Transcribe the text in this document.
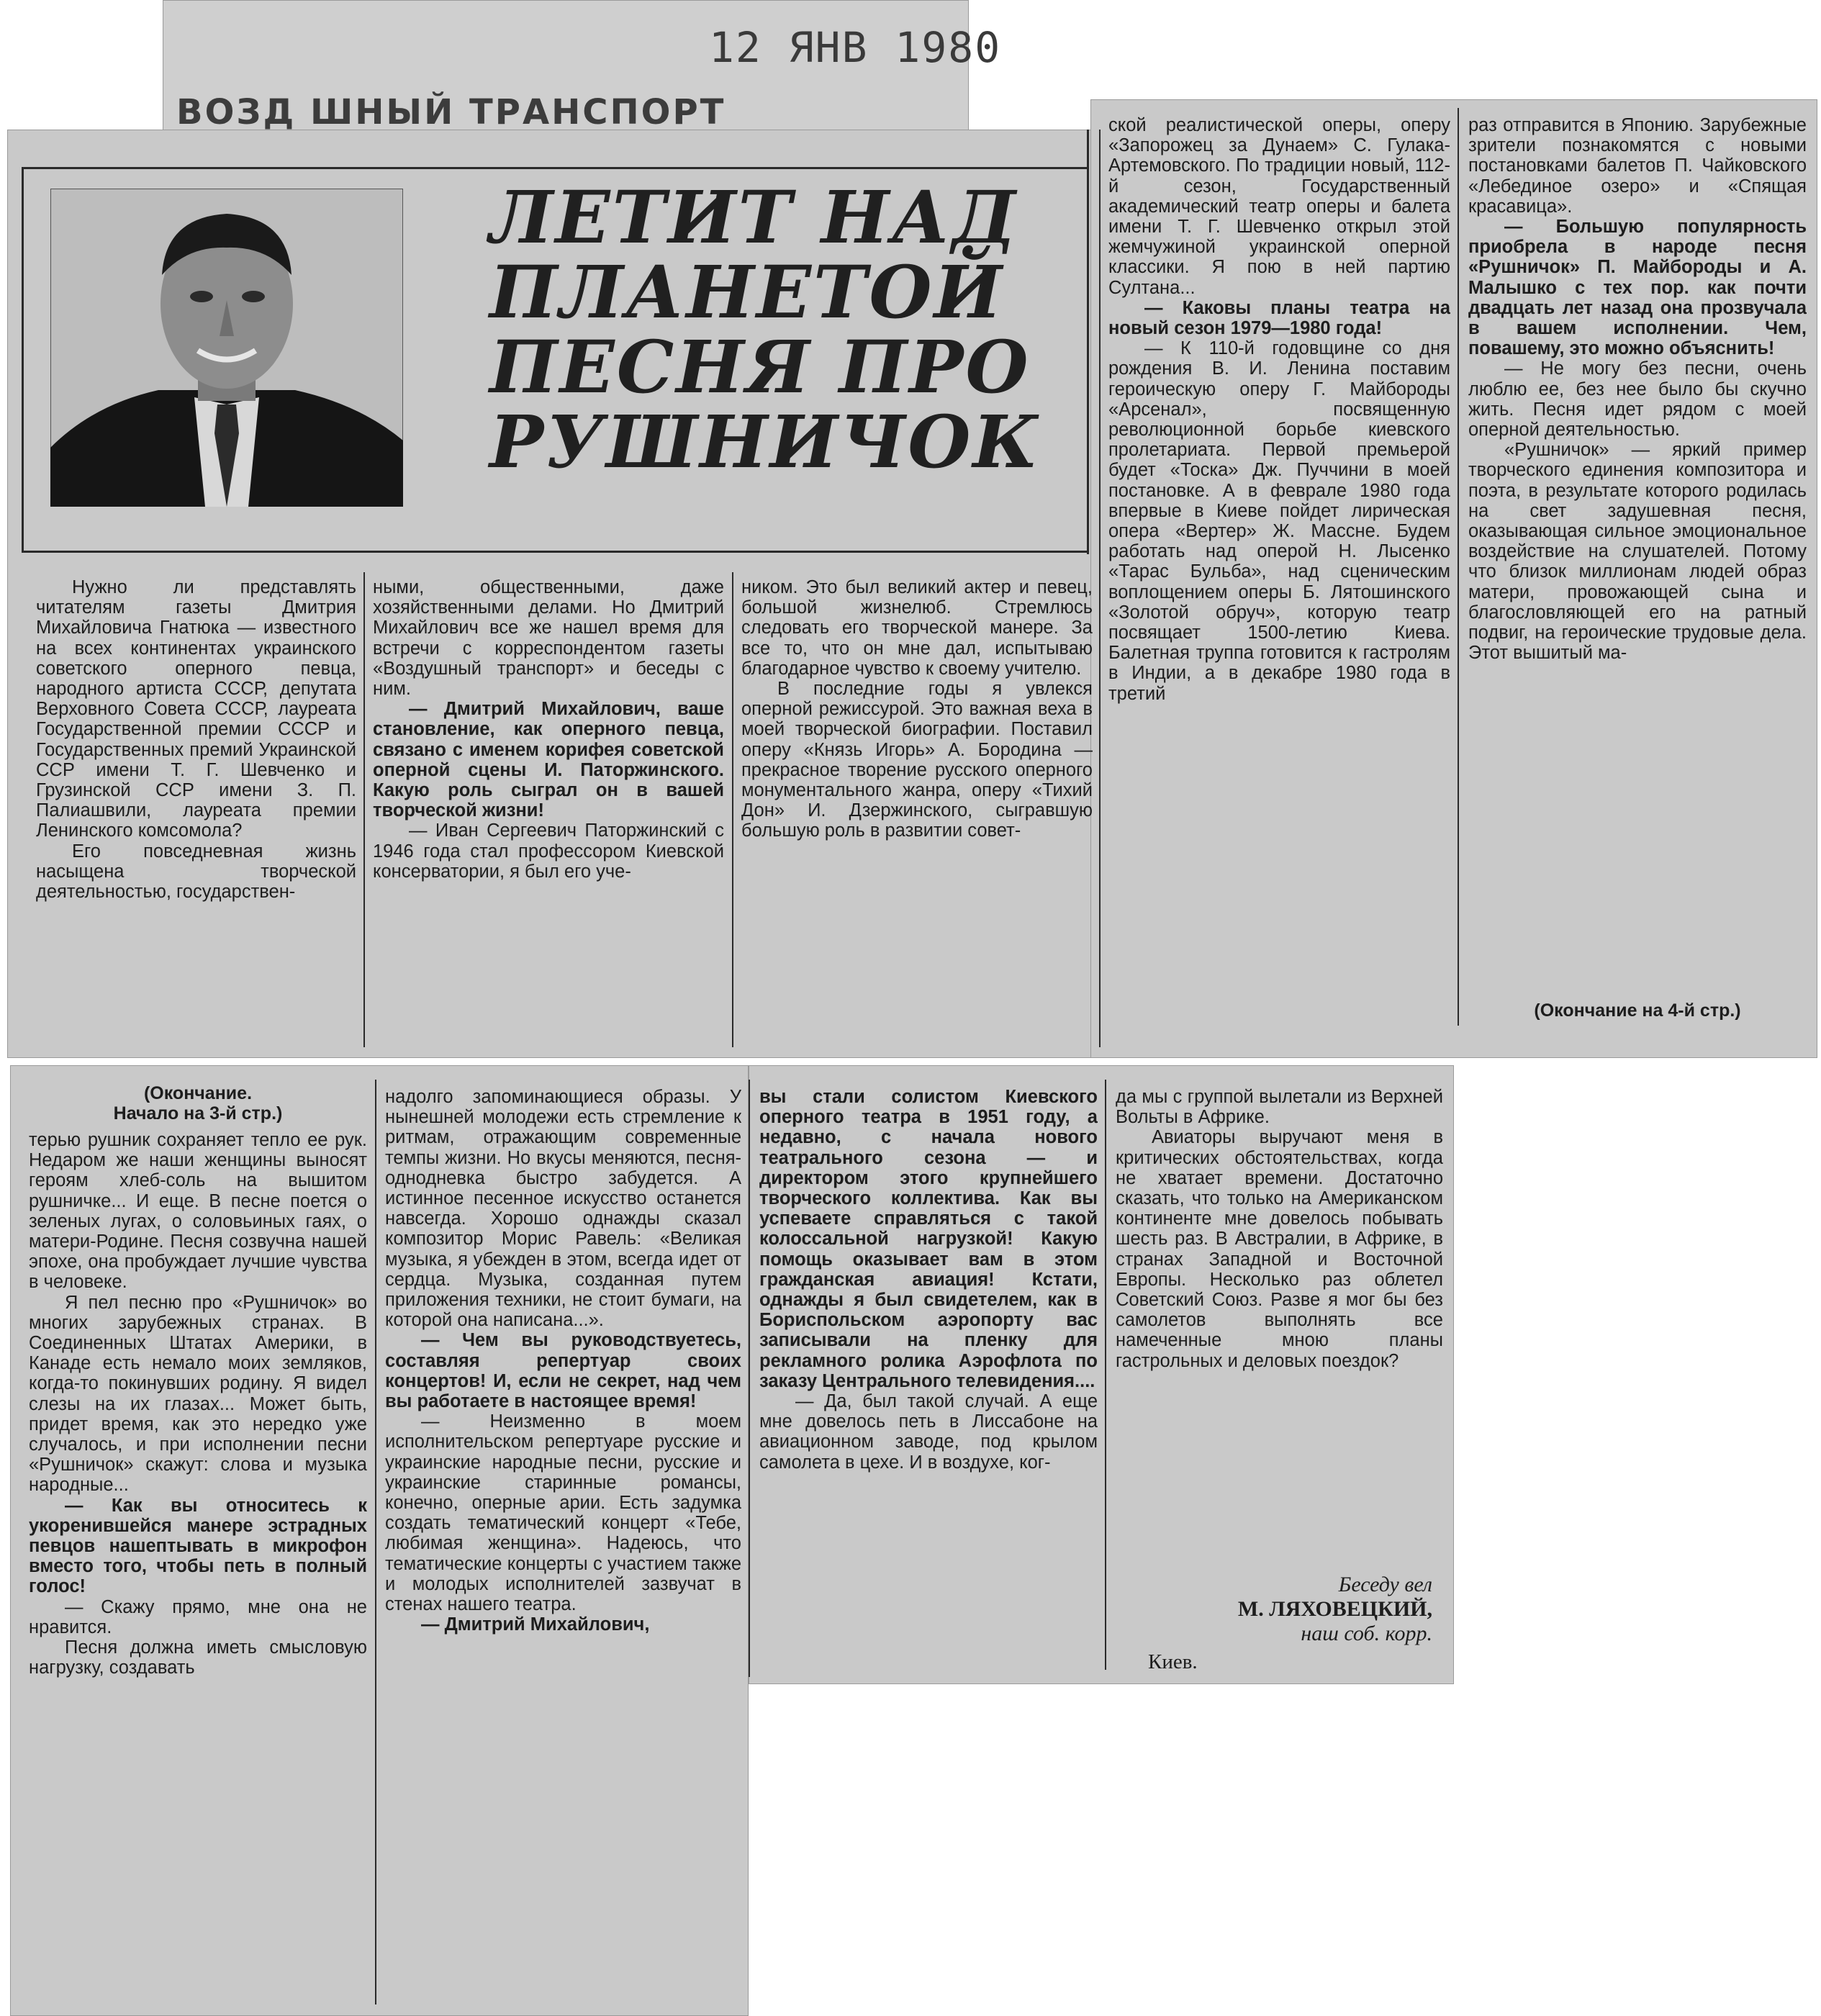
12 ЯНВ 1980
ВОЗД ШНЫЙ ТРАНСПОРТ
ЛЕТИТ НАД
ПЛАНЕТОЙ
ПЕСНЯ ПРО
РУШНИЧОК

Нужно ли представлять читателям газеты Дмитрия Михайловича Гнатюка — известного на всех континентах украинского советского оперного певца, народного артиста СССР, депутата Верховного Совета СССР, лауреата Государственной премии СССР и Государственных премий Украинской ССР имени Т. Г. Шевченко и Грузинской ССР имени З. П. Палиашвили, лауреата премии Ленинского комсомола?

Его повседневная жизнь насыщена творческой деятельностью, государствен-

ными, общественными, даже хозяйственными делами. Но Дмитрий Михайлович все же нашел время для встречи с корреспондентом газеты «Воздушный транспорт» и беседы с ним.

— Дмитрий Михайлович, ваше становление, как оперного певца, связано с именем корифея советской оперной сцены И. Паторжинского. Какую роль сыграл он в вашей творческой жизни!

— Иван Сергеевич Паторжинский с 1946 года стал профессором Киевской консерватории, я был его уче-

ником. Это был великий актер и певец, большой жизнелюб. Стремлюсь следовать его творческой манере. За все то, что он мне дал, испытываю благодарное чувство к своему учителю.

В последние годы я увлекся оперной режиссурой. Это важная веха в моей творческой биографии. Поставил оперу «Князь Игорь» А. Бородина — прекрасное творение русского оперного монументального жанра, оперу «Тихий Дон» И. Дзержинского, сыгравшую большую роль в развитии совет-

ской реалистической оперы, оперу «Запорожец за Дунаем» С. Гулака-Артемовского. По традиции новый, 112-й сезон, Государственный академический театр оперы и балета имени Т. Г. Шевченко открыл этой жемчужиной украинской оперной классики. Я пою в ней партию Султана...

— Каковы планы театра на новый сезон 1979—1980 года!

— К 110-й годовщине со дня рождения В. И. Ленина поставим героическую оперу Г. Майбороды «Арсенал», посвященную революционной борьбе киевского пролетариата. Первой премьерой будет «Тоска» Дж. Пуччини в моей постановке. А в феврале 1980 года впервые в Киеве пойдет лирическая опера «Вертер» Ж. Массне. Будем работать над оперой Н. Лысенко «Тарас Бульба», над сценическим воплощением оперы Б. Лятошинского «Золотой обруч», которую театр посвящает 1500-летию Киева. Балетная труппа готовится к гастролям в Индии, а в декабре 1980 года в третий

раз отправится в Японию. Зарубежные зрители познакомятся с новыми постановками балетов П. Чайковского «Лебединое озеро» и «Спящая красавица».

— Большую популярность приобрела в народе песня «Рушничок» П. Майбороды и А. Малышко с тех пор. как почти двадцать лет назад она прозвучала в вашем исполнении. Чем, повашему, это можно объяснить!

— Не могу без песни, очень люблю ее, без нее было бы скучно жить. Песня идет рядом с моей оперной деятельностью.

«Рушничок» — яркий пример творческого единения композитора и поэта, в результате которого родилась на свет задушевная песня, оказывающая сильное эмоциональное воздействие на слушателей. Потому что близок миллионам людей образ матери, провожающей сына и благословляющей его на ратный подвиг, на героические трудовые дела. Этот вышитый ма-

(Окончание на 4-й стр.)
(Окончание.
Начало на 3-й стр.)

терью рушник сохраняет тепло ее рук. Недаром же наши женщины выносят героям хлеб-соль на вышитом рушничке... И еще. В песне поется о зеленых лугах, о соловьиных гаях, о матери-Родине. Песня созвучна нашей эпохе, она пробуждает лучшие чувства в человеке.

Я пел песню про «Рушничок» во многих зарубежных странах. В Соединенных Штатах Америки, в Канаде есть немало моих земляков, когда-то покинувших родину. Я видел слезы на их глазах... Может быть, придет время, как это нередко уже случалось, и при исполнении песни «Рушничок» скажут: слова и музыка народные...

— Как вы относитесь к укоренившейся манере эстрадных певцов нашептывать в микрофон вместо того, чтобы петь в полный голос!

— Скажу прямо, мне она не нравится.

Песня должна иметь смысловую нагрузку, создавать

надолго запоминающиеся образы. У нынешней молодежи есть стремление к ритмам, отражающим современные темпы жизни. Но вкусы меняются, песня-однодневка быстро забудется. А истинное песенное искусство останется навсегда. Хорошо однажды сказал композитор Морис Равель: «Великая музыка, я убежден в этом, всегда идет от сердца. Музыка, созданная путем приложения техники, не стоит бумаги, на которой она написана...».

— Чем вы руководствуетесь, составляя репертуар своих концертов! И, если не секрет, над чем вы работаете в настоящее время!

— Неизменно в моем исполнительском репертуаре русские и украинские народные песни, русские и украинские старинные романсы, конечно, оперные арии. Есть задумка создать тематический концерт «Тебе, любимая женщина». Надеюсь, что тематические концерты с участием также и молодых исполнителей зазвучат в стенах нашего театра.

— Дмитрий Михайлович,

вы стали солистом Киевского оперного театра в 1951 году, а недавно, с начала нового театрального сезона — и директором этого крупнейшего творческого коллектива. Как вы успеваете справляться с такой колоссальной нагрузкой! Какую помощь оказывает вам в этом гражданская авиация! Кстати, однажды я был свидетелем, как в Бориспольском аэропорту вас записывали на пленку для рекламного ролика Аэрофлота по заказу Центрального телевидения....

— Да, был такой случай. А еще мне довелось петь в Лиссабоне на авиационном заводе, под крылом самолета в цехе. И в воздухе, ког-

да мы с группой вылетали из Верхней Вольты в Африке.

Авиаторы выручают меня в критических обстоятельствах, когда не хватает времени. Достаточно сказать, что только на Американском континенте мне довелось побывать шесть раз. В Австралии, в Африке, в странах Западной и Восточной Европы. Несколько раз облетел Советский Союз. Разве я мог бы без самолетов выполнять все намеченные мною планы гастрольных и деловых поездок?

Беседу вел
М. ЛЯХОВЕЦКИЙ,
наш соб. корр.
Киев.
